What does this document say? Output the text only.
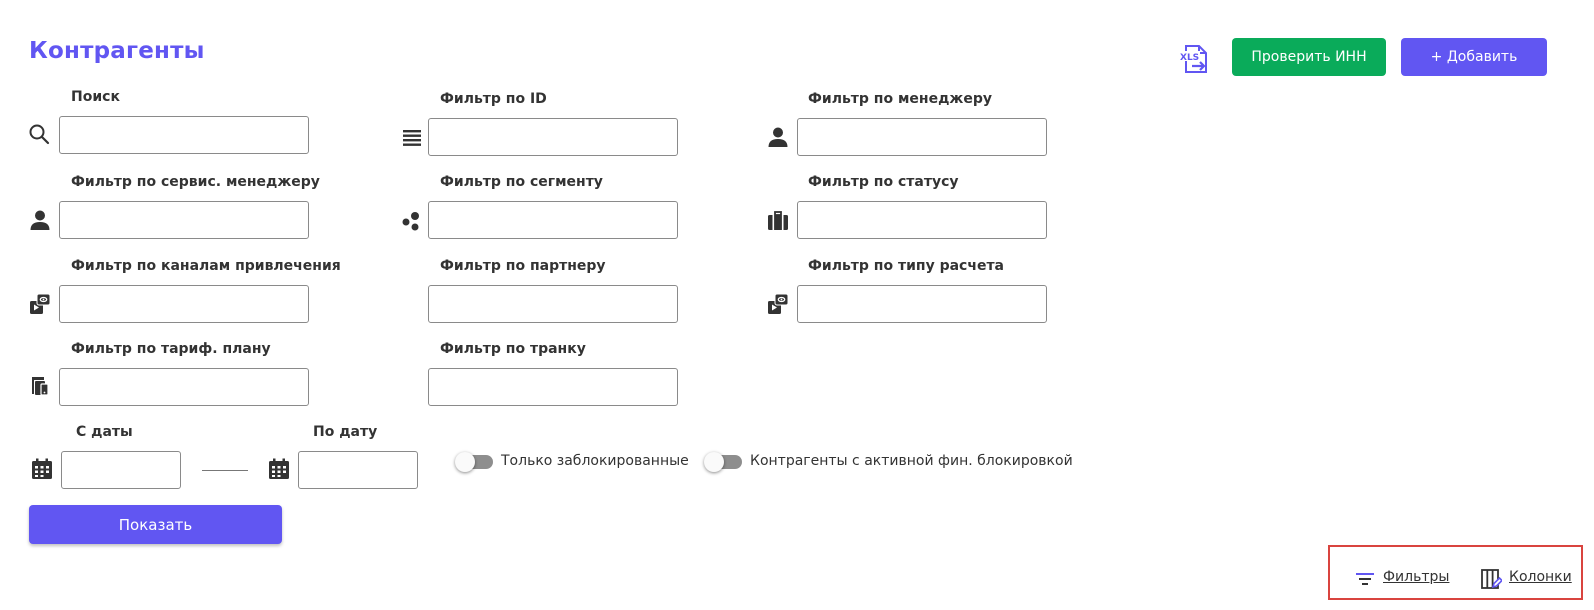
Контрагенты	XLS	Проверить ИНН	+ Добавить
Поиск	Фильтр по ID	Фильтр по менеджеру
Фильтр по сервис. менеджеру	Фильтр по сегменту	Фильтр по статусу
Фильтр по каналам привлечения	Фильтр по партнеру	Фильтр по типу расчета
Фильтр по тариф. плану	Фильтр по транку
С даты	По дату
Только заблокированные	Контрагенты с активной фин. блокировкой
Показать
Фильтры	Колонки
